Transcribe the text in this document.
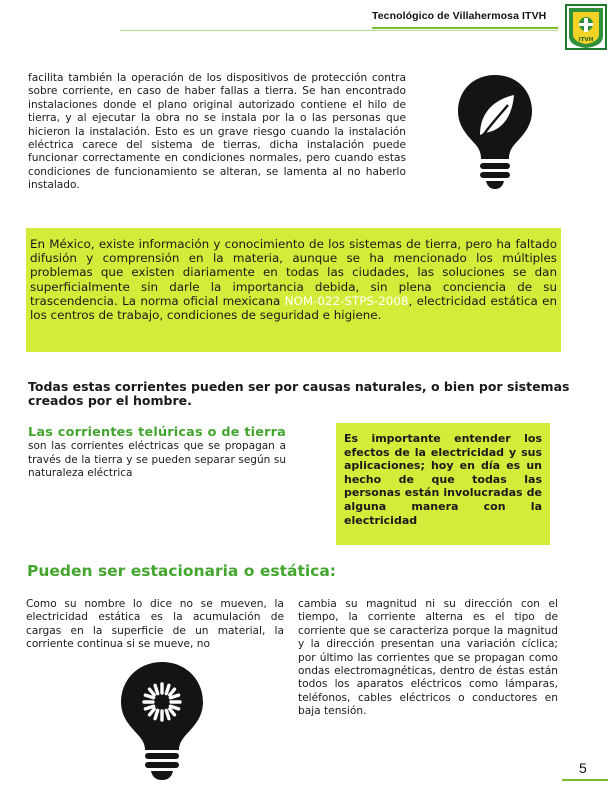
Tecnológico de Villahermosa ITVH
ITVH

facilita también la operación de los dispositivos de protección contra sobre corriente, en caso de haber fallas a tierra. Se han encontrado instalaciones donde el plano original autorizado contiene el hilo de tierra, y al ejecutar la obra no se instala por la o las personas que hicieron la instalación. Esto es un grave riesgo cuando la instalación eléctrica carece del sistema de tierras, dicha instalación puede funcionar correctamente en condiciones normales, pero cuando estas condiciones de funcionamiento se alteran, se lamenta al no haberlo instalado.

En México, existe información y conocimiento de los sistemas de tierra, pero ha faltado difusión y comprensión en la materia, aunque se ha mencionado los múltiples problemas que existen diariamente en todas las ciudades, las soluciones se dan superficialmente sin darle la importancia debida, sin plena conciencia de su trascendencia. La norma oficial mexicana NOM-022-STPS-2008, electricidad estática en los centros de trabajo, condiciones de seguridad e higiene.

Todas estas corrientes pueden ser por causas naturales, o bien por sistemas creados por el hombre.

Las corrientes telúricas o de tierra son las corrientes eléctricas que se propagan a través de la tierra y se pueden separar según su naturaleza eléctrica

Es importante entender los efectos de la electricidad y sus aplicaciones; hoy en día es un hecho de que todas las personas están involucradas de alguna manera con la electricidad

Pueden ser estacionaria o estática:

Como su nombre lo dice no se mueven, la electricidad estática es la acumulación de cargas en la superficie de un material, la corriente continua si se mueve, no

cambia su magnitud ni su dirección con el tiempo, la corriente alterna es el tipo de corriente que se caracteriza porque la magnitud y la dirección presentan una variación cíclica; por último las corrientes que se propagan como ondas electromagnéticas, dentro de éstas están todos los aparatos eléctricos como lámparas, teléfonos, cables eléctricos o conductores en baja tensión.

5
